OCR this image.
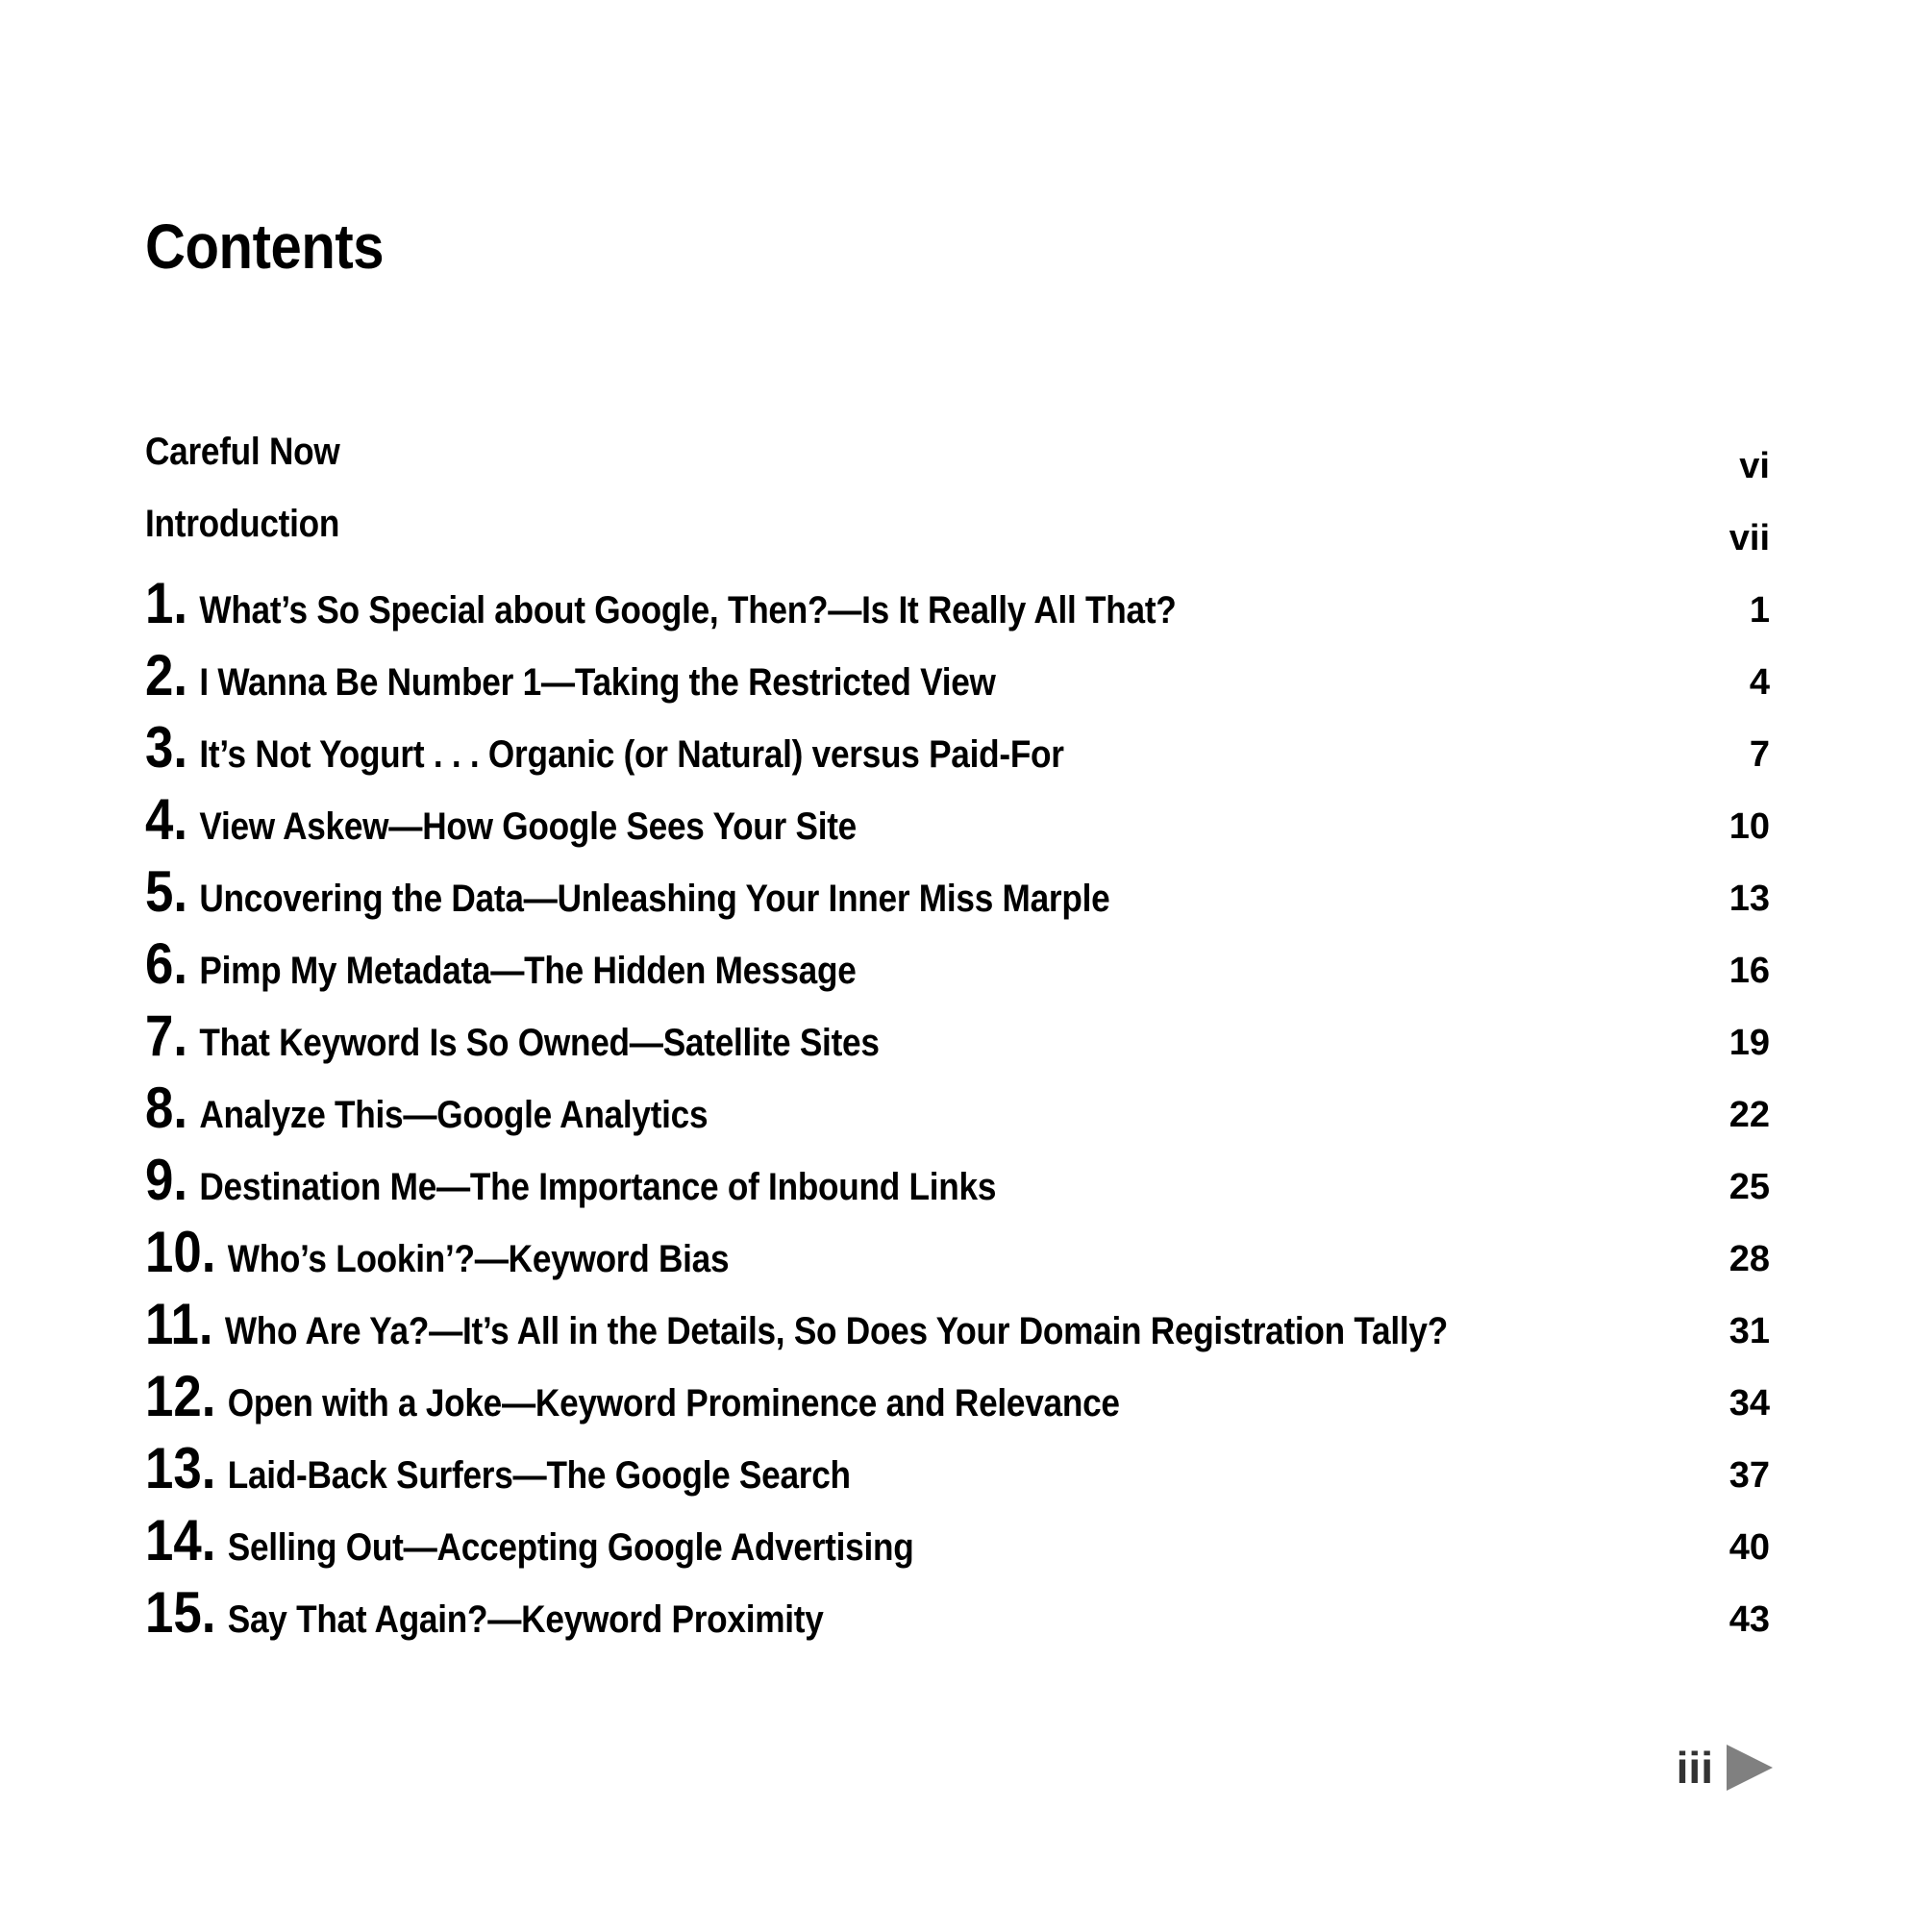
Contents
Careful Now	vi
Introduction	vii
1. What’s So Special about Google, Then?—Is It Really All That?	1
2. I Wanna Be Number 1—Taking the Restricted View	4
3. It’s Not Yogurt . . . Organic (or Natural) versus Paid-For	7
4. View Askew—How Google Sees Your Site	10
5. Uncovering the Data—Unleashing Your Inner Miss Marple	13
6. Pimp My Metadata—The Hidden Message	16
7. That Keyword Is So Owned—Satellite Sites	19
8. Analyze This—Google Analytics	22
9. Destination Me—The Importance of Inbound Links	25
10. Who’s Lookin’?—Keyword Bias	28
11. Who Are Ya?—It’s All in the Details, So Does Your Domain Registration Tally?	31
12. Open with a Joke—Keyword Prominence and Relevance	34
13. Laid-Back Surfers—The Google Search	37
14. Selling Out—Accepting Google Advertising	40
15. Say That Again?—Keyword Proximity	43
iii
